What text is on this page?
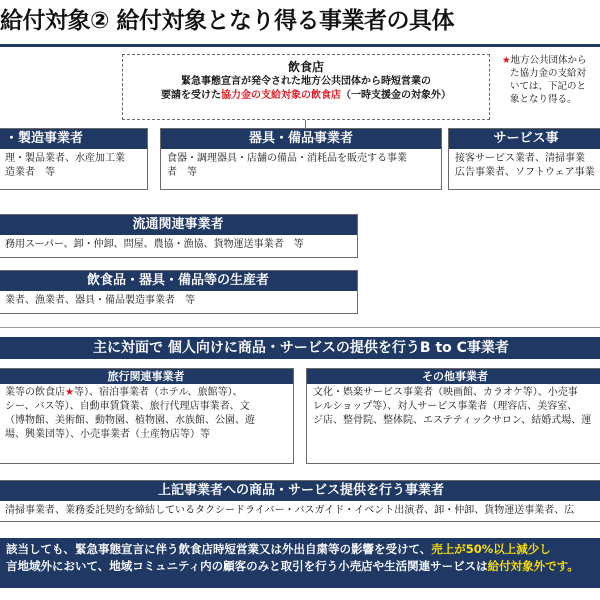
給付対象② 給付対象となり得る事業者の具体
飲食店
緊急事態宣言が発令された地方公共団体から時短営業の
要請を受けた協力金の支給対象の飲食店（一時支援金の対象外）
★地方公共団体から
た協力金の支給対
いては、下記のと
象となり得る。
・製造事業者
理・製品業者、水産加工業
造業者　等
器具・備品事業者
食器・調理器具・店舗の備品・消耗品を販売する事業
者　等
サービス事
接客サービス業者、清掃事業
広告事業者、ソフトウェア事業
流通関連事業者
務用スーパー、卸・仲卸、問屋、農協・漁協、貨物運送事業者　等
飲食品・器具・備品等の生産者
業者、漁業者、器具・備品製造事業者　等
主に対面で 個人向けに商品・サービスの提供を行うB to C事業者
旅行関連事業者
業等の飲食店★等）、宿泊事業者（ホテル、旅館等）、
シー、バス等）、自動車賃貸業、旅行代理店事業者、文
（博物館、美術館、動物園、植物園、水族館、公園、遊
場、興業団等）、小売事業者（土産物店等）等
その他事業者
文化・娯楽サービス事業者（映画館、カラオケ等）、小売事
レルショップ等）、対人サービス事業者（理容店、美容室、
ジ店、整骨院、整体院、エステティックサロン、結婚式場、運
上記事業者への商品・サービス提供を行う事業者
清掃事業者、業務委託契約を締結しているタクシードライバー・バスガイド・イベント出演者、卸・仲卸、貨物運送事業者、広
該当しても、緊急事態宣言に伴う飲食店時短営業又は外出自粛等の影響を受けて、売上が50%以上減少し
言地域外において、地域コミュニティ内の顧客のみと取引を行う小売店や生活関連サービスは給付対象外です。
